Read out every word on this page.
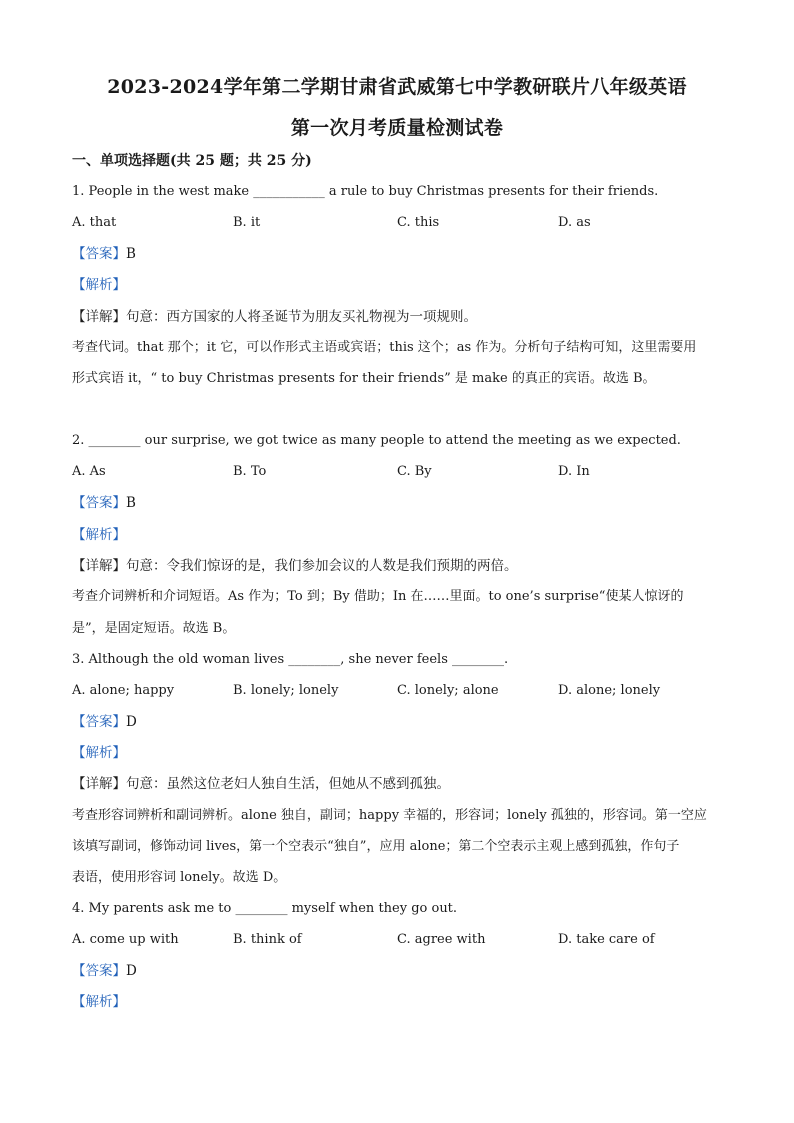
2023-2024学年第二学期甘肃省武威第七中学教研联片八年级英语
第一次月考质量检测试卷
一、单项选择题(共 25 题；共 25 分)
1. People in the west make ___________ a rule to buy Christmas presents for their friends.
A. that	B. it	C. this	D. as
【答案】B
【解析】
【详解】句意：西方国家的人将圣诞节为朋友买礼物视为一项规则。
考查代词。that 那个；it 它，可以作形式主语或宾语；this 这个；as 作为。分析句子结构可知，这里需要用
形式宾语 it，“ to buy Christmas presents for their friends” 是 make 的真正的宾语。故选 B。
2. ________ our surprise, we got twice as many people to attend the meeting as we expected.
A. As	B. To	C. By	D. In
【答案】B
【解析】
【详解】句意：令我们惊讶的是，我们参加会议的人数是我们预期的两倍。
考查介词辨析和介词短语。As 作为；To 到；By 借助；In 在……里面。to one’s surprise“使某人惊讶的
是”，是固定短语。故选 B。
3. Although the old woman lives ________, she never feels ________.
A. alone; happy	B. lonely; lonely	C. lonely; alone	D. alone; lonely
【答案】D
【解析】
【详解】句意：虽然这位老妇人独自生活，但她从不感到孤独。
考查形容词辨析和副词辨析。alone 独自，副词；happy 幸福的，形容词；lonely 孤独的，形容词。第一空应
该填写副词，修饰动词 lives，第一个空表示“独自”，应用 alone；第二个空表示主观上感到孤独，作句子
表语，使用形容词 lonely。故选 D。
4. My parents ask me to ________ myself when they go out.
A. come up with	B. think of	C. agree with	D. take care of
【答案】D
【解析】
